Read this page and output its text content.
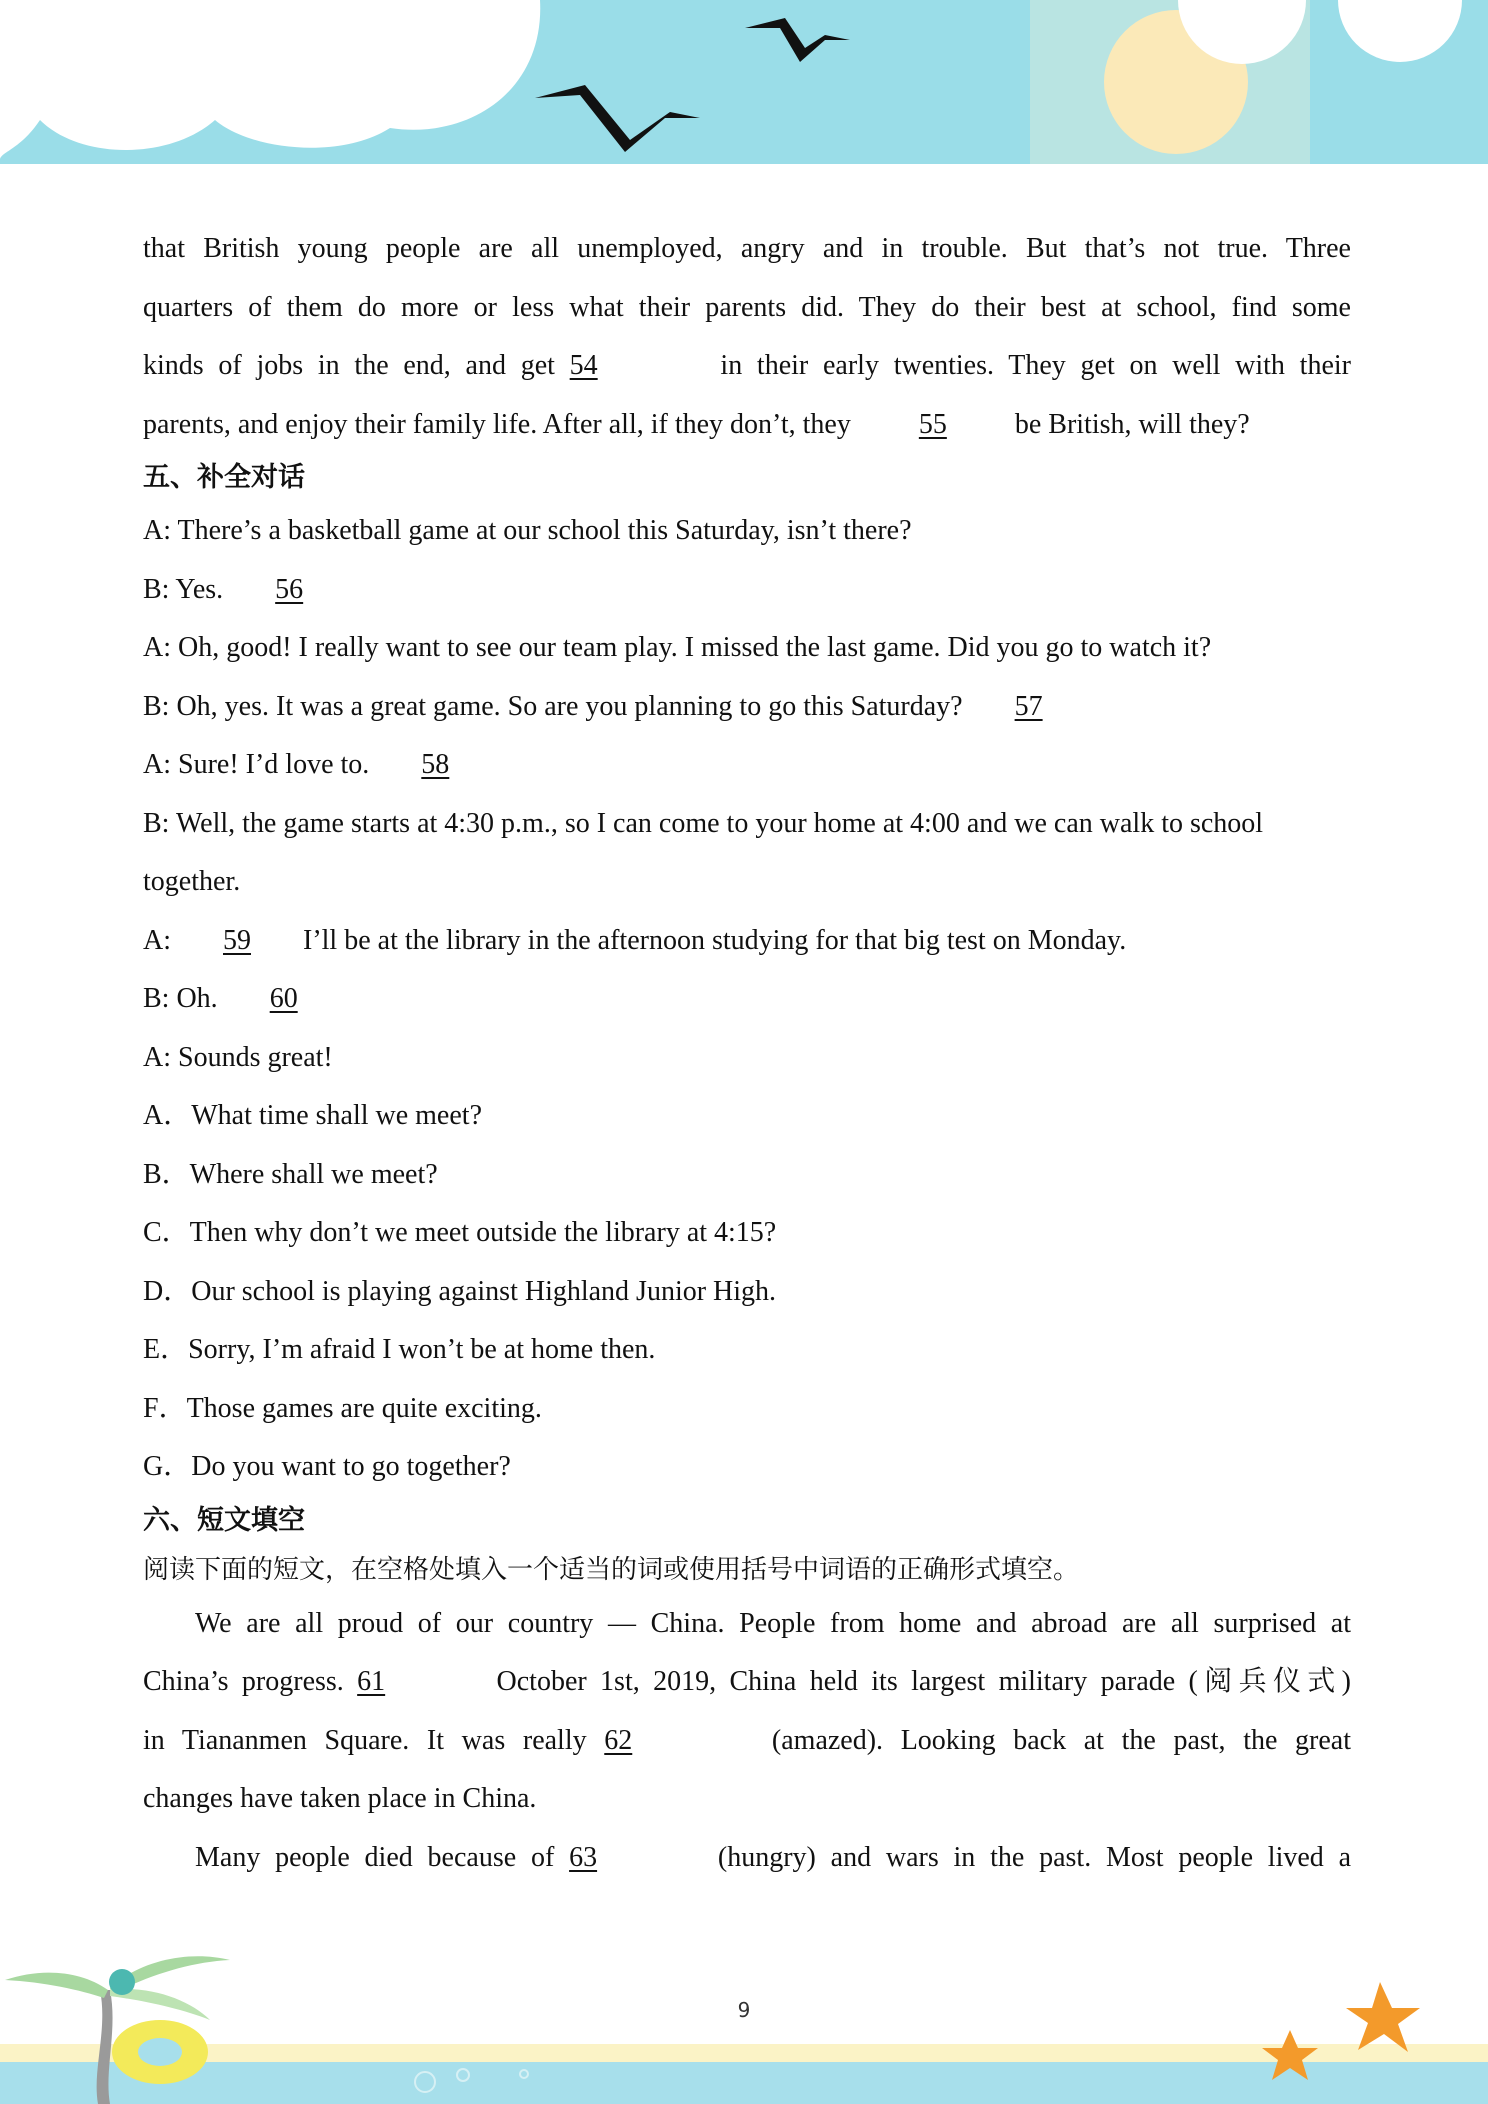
that British young people are all unemployed, angry and in trouble. But that’s not true. Three
quarters of them do more or less what their parents did. They do their best at school, find some
kinds of jobs in the end, and get 54	in their early twenties. They get on well with their
parents, and enjoy their family life. After all, if they don’t, they 55 be British, will they?
五、补全对话
A: There’s a basketball game at our school this Saturday, isn’t there?
B: Yes. 56
A: Oh, good! I really want to see our team play. I missed the last game. Did you go to watch it?
B: Oh, yes. It was a great game. So are you planning to go this Saturday? 57
A: Sure! I’d love to. 58
B: Well, the game starts at 4:30 p.m., so I can come to your home at 4:00 and we can walk to school
together.
A: 59 I’ll be at the library in the afternoon studying for that big test on Monday.
B: Oh. 60
A: Sounds great!
A．What time shall we meet?
B．Where shall we meet?
C．Then why don’t we meet outside the library at 4:15?
D．Our school is playing against Highland Junior High.
E．Sorry, I’m afraid I won’t be at home then.
F．Those games are quite exciting.
G．Do you want to go together?
六、短文填空
阅读下面的短文，在空格处填入一个适当的词或使用括号中词语的正确形式填空。
We are all proud of our country — China. People from home and abroad are all surprised at
China’s progress. 61	October 1st, 2019, China held its largest military parade (阅兵仪式)
in Tiananmen Square. It was really 62	(amazed). Looking back at the past, the great
changes have taken place in China.
Many people died because of 63	(hungry) and wars in the past. Most people lived a
9
